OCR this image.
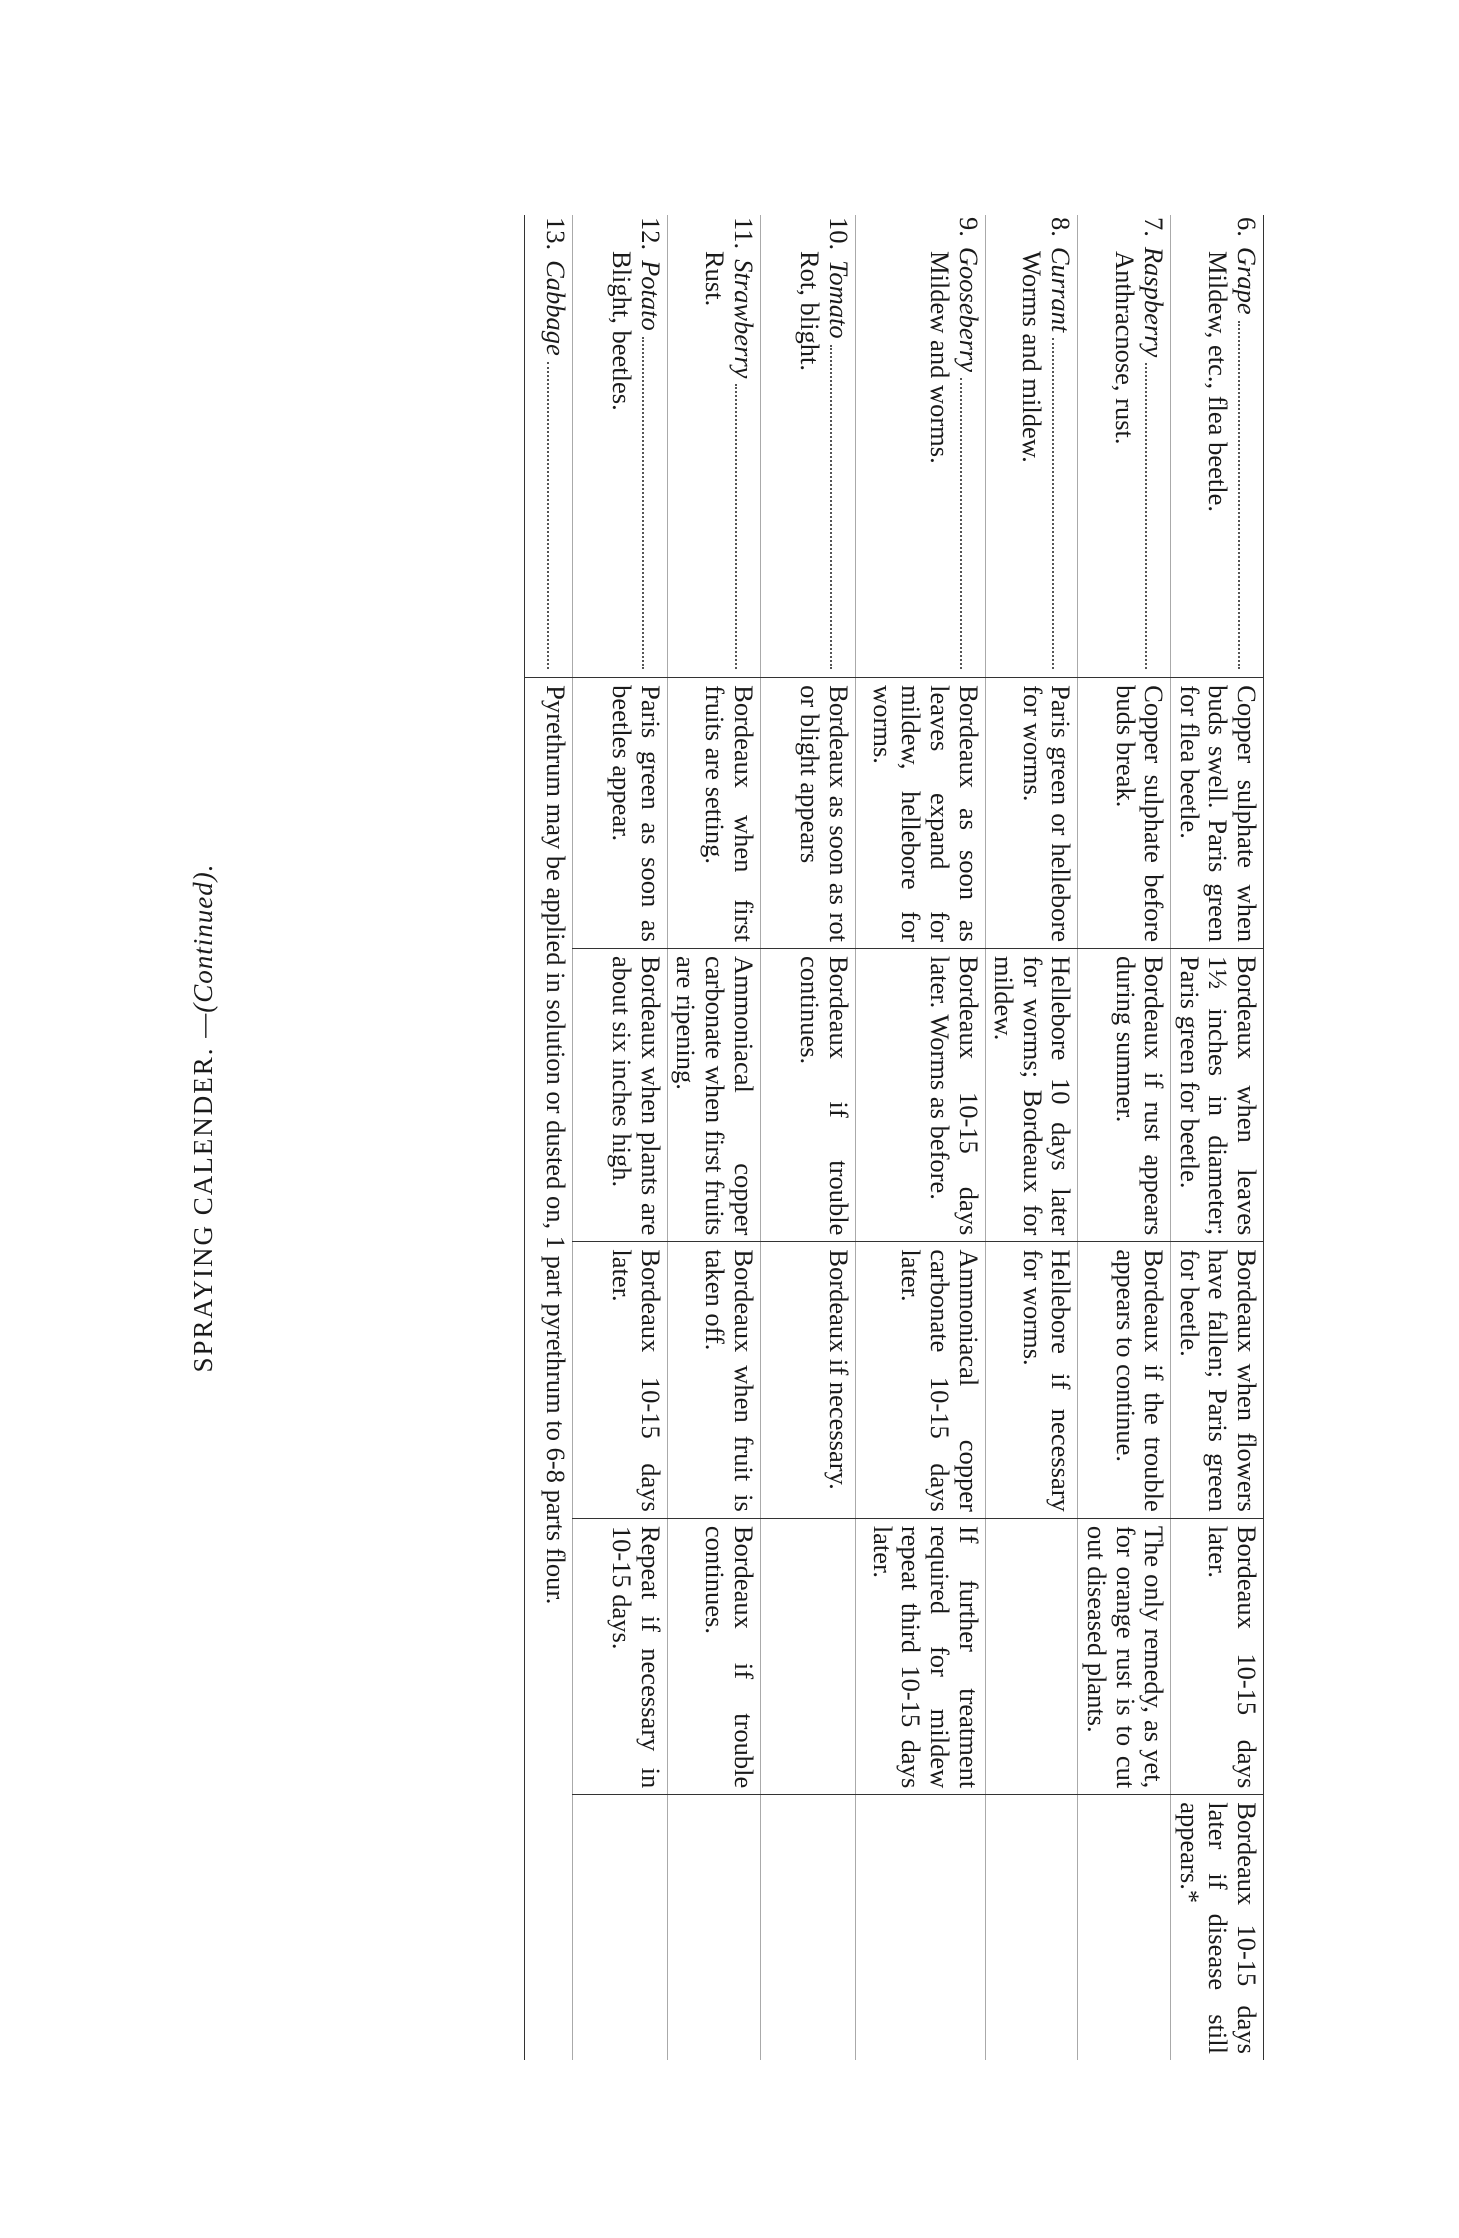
SPRAYING CALENDER. —(Continued).
6.
Grape
Mildew, etc., flea beetle.	Copper sulphate when buds swell. Paris green for flea beetle.	Bordeaux when leaves 1½ inches in diameter; Paris green for beetle.	Bordeaux when flowers have fallen; Paris green for beetle.	Bordeaux 10-15 days later.	Bordeaux 10-15 days later if disease still appears.*

7.
Raspberry
Anthracnose, rust.	Copper sulphate before buds break.	Bordeaux if rust appears during summer.	Bordeaux if the trouble appears to continue.	The only remedy, as yet, for orange rust is to cut out diseased plants.	

8.
Currant
Worms and mildew.	Paris green or hellebore for worms.	Hellebore 10 days later for worms; Bordeaux for mildew.	Hellebore if necessary for worms.		

9.
Gooseberry
Mildew and worms.	Bordeaux as soon as leaves expand for mildew, hellebore for worms.	Bordeaux 10-15 days later. Worms as before.	Ammoniacal copper carbonate 10-15 days later.	If further treatment required for mildew repeat third 10-15 days later.	

10.
Tomato
Rot, blight.	Bordeaux as soon as rot or blight appears	Bordeaux if trouble continues.	Bordeaux if necessary.		

11.
Strawberry
Rust.	Bordeaux when first fruits are setting.	Ammoniacal copper carbonate when first fruits are ripening.	Bordeaux when fruit is taken off.	Bordeaux if trouble continues.	

12.
Potato
Blight, beetles.	Paris green as soon as beetles appear.	Bordeaux when plants are about six inches high.	Bordeaux 10-15 days later.	Repeat if necessary in 10-15 days.	

13.
Cabbage	Pyrethrum may be applied in solution or dusted on, 1 part pyrethrum to 6-8 parts flour.				
